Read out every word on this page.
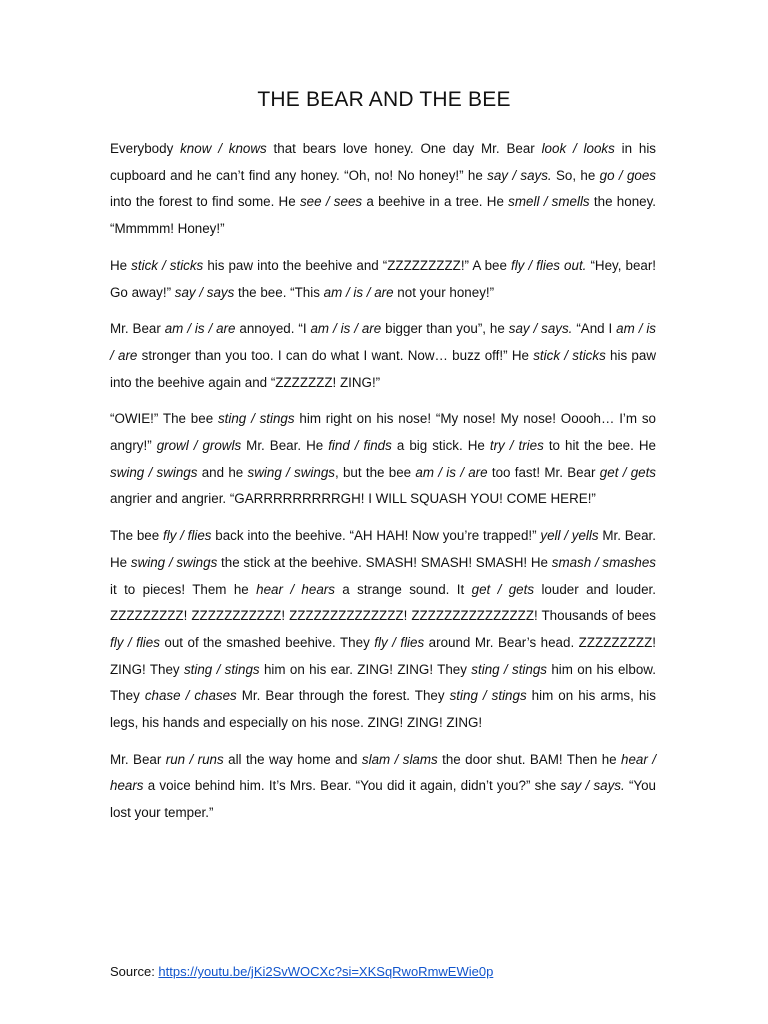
THE BEAR AND THE BEE

Everybody know / knows that bears love honey. One day Mr. Bear look / looks in his cupboard and he can’t find any honey. “Oh, no! No honey!” he say / says. So, he go / goes into the forest to find some. He see / sees a beehive in a tree. He smell / smells the honey. “Mmmmm! Honey!”

He stick / sticks his paw into the beehive and “ZZZZZZZZZ!” A bee fly / flies out. “Hey, bear! Go away!” say / says the bee. “This am / is / are not your honey!”

Mr. Bear am / is / are annoyed. “I am / is / are bigger than you”, he say / says. “And I am / is / are stronger than you too. I can do what I want. Now… buzz off!” He stick / sticks his paw into the beehive again and “ZZZZZZZ! ZING!”

“OWIE!” The bee sting / stings him right on his nose! “My nose! My nose! Ooooh… I’m so angry!” growl / growls Mr. Bear. He find / finds a big stick. He try / tries to hit the bee. He swing / swings and he swing / swings, but the bee am / is / are too fast! Mr. Bear get / gets angrier and angrier. “GARRRRRRRRRGH! I WILL SQUASH YOU! COME HERE!”

The bee fly / flies back into the beehive. “AH HAH! Now you’re trapped!” yell / yells Mr. Bear. He swing / swings the stick at the beehive. SMASH! SMASH! SMASH! He smash / smashes it to pieces! Them he hear / hears a strange sound. It get / gets louder and louder. ZZZZZZZZZ! ZZZZZZZZZZZ! ZZZZZZZZZZZZZZ! ZZZZZZZZZZZZZZZ! Thousands of bees fly / flies out of the smashed beehive. They fly / flies around Mr. Bear’s head. ZZZZZZZZZ! ZING! They sting / stings him on his ear. ZING! ZING! They sting / stings him on his elbow. They chase / chases Mr. Bear through the forest. They sting / stings him on his arms, his legs, his hands and especially on his nose. ZING! ZING! ZING!

Mr. Bear run / runs all the way home and slam / slams the door shut. BAM! Then he hear / hears a voice behind him. It’s Mrs. Bear. “You did it again, didn’t you?” she say / says. “You lost your temper.”

Source: https://youtu.be/jKi2SvWOCXc?si=XKSqRwoRmwEWie0p
